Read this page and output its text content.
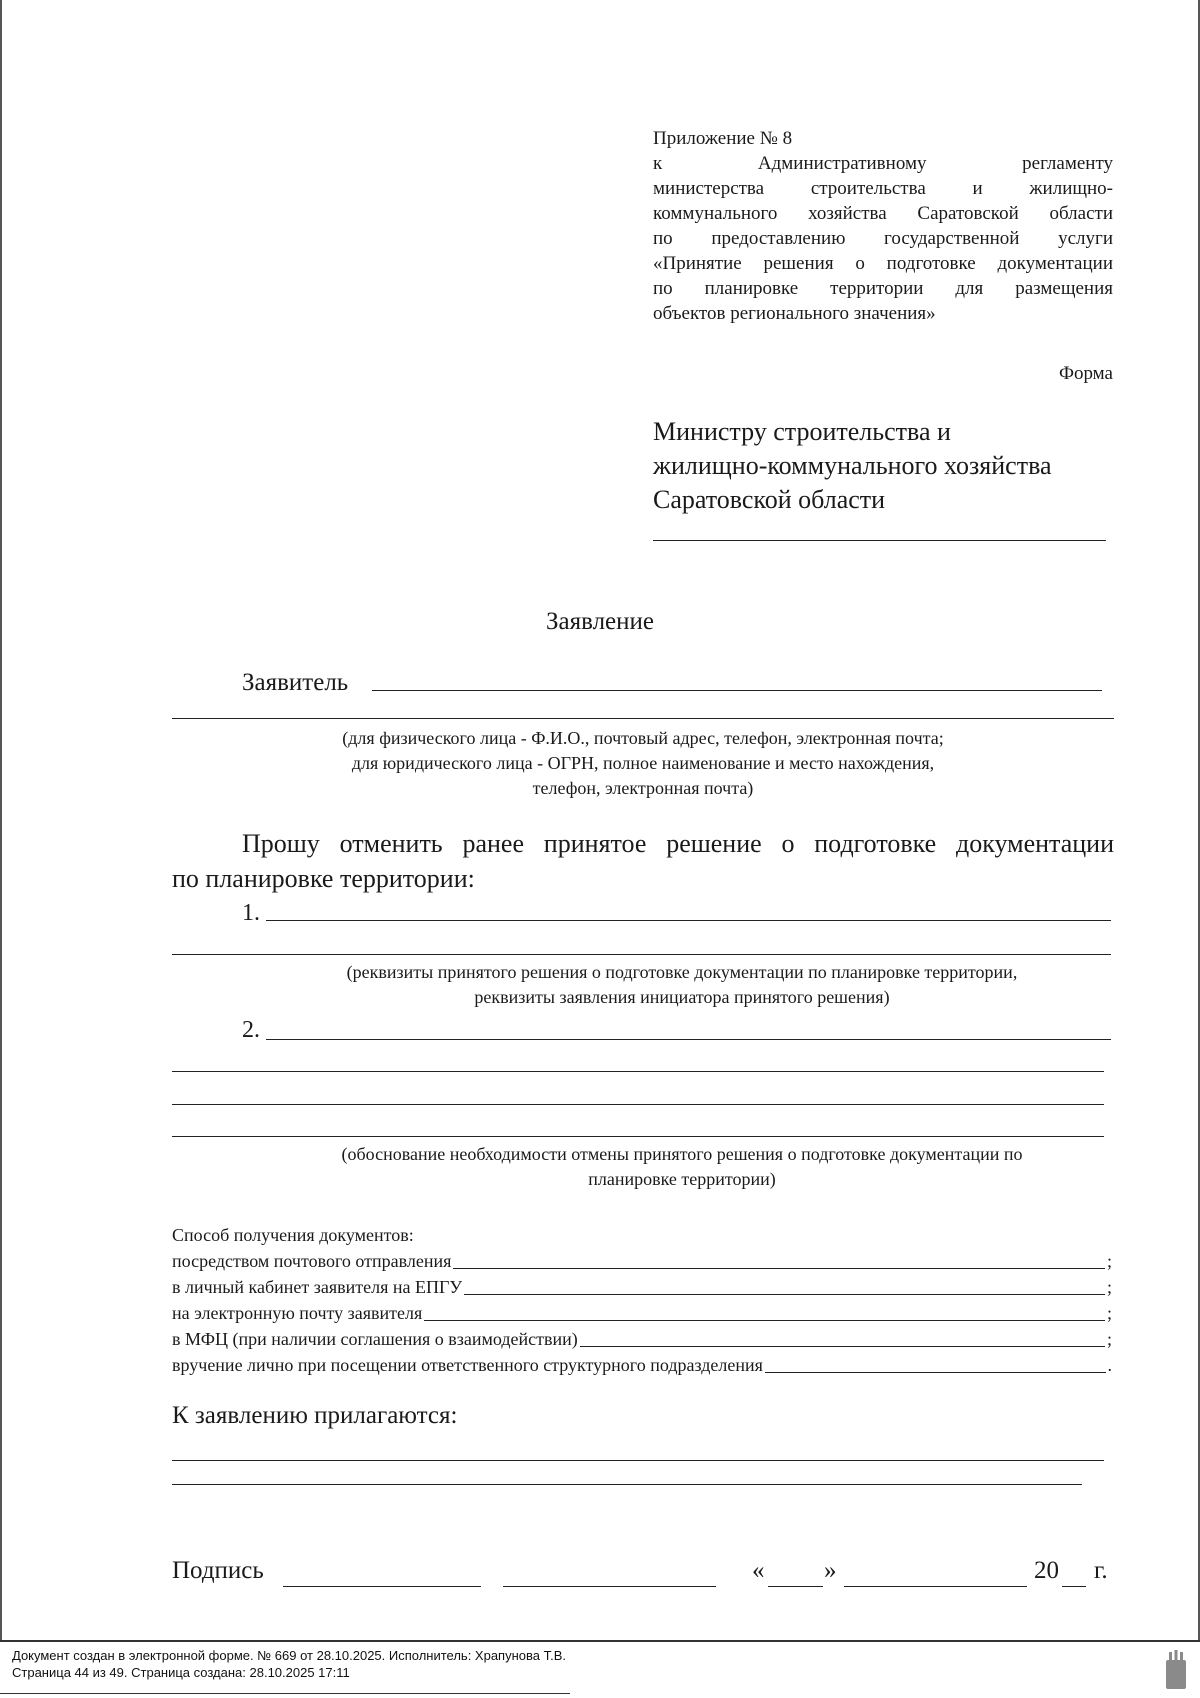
Приложение № 8
к Административному регламенту
министерства строительства и жилищно-
коммунального хозяйства Саратовской области
по предоставлению государственной услуги
«Принятие решения о подготовке документации
по планировке территории для размещения
объектов регионального значения»
Форма
Министру строительства и
жилищно-коммунального хозяйства
Саратовской области
Заявление
Заявитель
(для физического лица - Ф.И.О., почтовый адрес, телефон, электронная почта;
для юридического лица - ОГРН, полное наименование и место нахождения,
телефон, электронная почта)
Прошу отменить ранее принятое решение о подготовке документации
по планировке территории:
1.
(реквизиты принятого решения о подготовке документации по планировке территории,
реквизиты заявления инициатора принятого решения)
2.
(обоснование необходимости отмены принятого решения о подготовке документации по
планировке территории)
Способ получения документов:
посредством почтового отправления	;
в личный кабинет заявителя на ЕПГУ	;
на электронную почту заявителя	;
в МФЦ (при наличии соглашения о взаимодействии)	;
вручение лично при посещении ответственного структурного подразделения	.
К заявлению прилагаются:
Подпись	« »	20 г.
Документ создан в электронной форме. № 669 от 28.10.2025. Исполнитель: Храпунова Т.В.
Страница 44 из 49. Страница создана: 28.10.2025 17:11
